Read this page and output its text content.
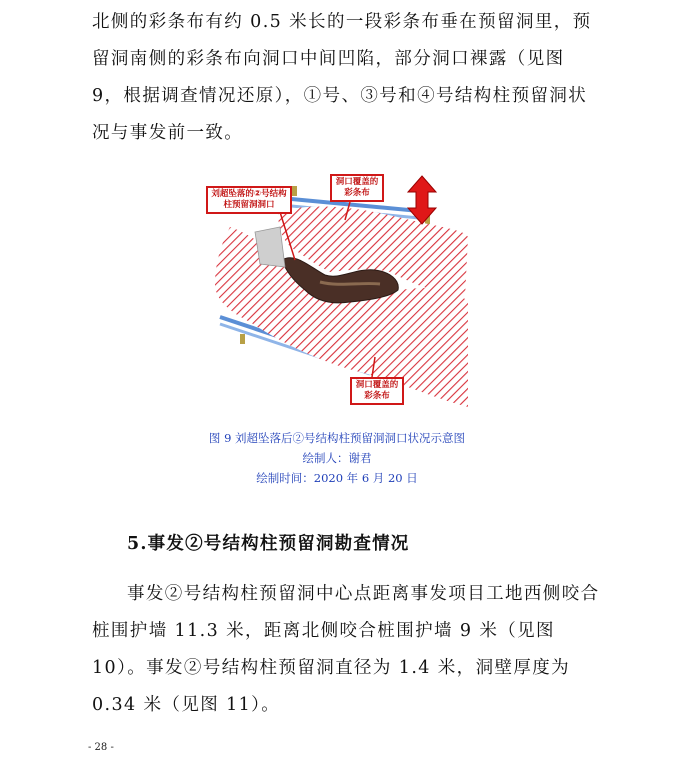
北侧的彩条布有约 0.5 米长的一段彩条布垂在预留洞里，预留洞南侧的彩条布向洞口中间凹陷，部分洞口裸露（见图 9，根据调查情况还原），①号、③号和④号结构柱预留洞状况与事发前一致。

刘超坠落的②号结构柱预留洞洞口
洞口覆盖的彩条布
洞口覆盖的彩条布
图 9 刘超坠落后②号结构柱预留洞洞口状况示意图
绘制人：谢君
绘制时间：2020 年 6 月 20 日
5.事发②号结构柱预留洞勘查情况

事发②号结构柱预留洞中心点距离事发项目工地西侧咬合桩围护墙 11.3 米，距离北侧咬合桩围护墙 9 米（见图 10）。事发②号结构柱预留洞直径为 1.4 米，洞壁厚度为 0.34 米（见图 11）。

- 28 -
